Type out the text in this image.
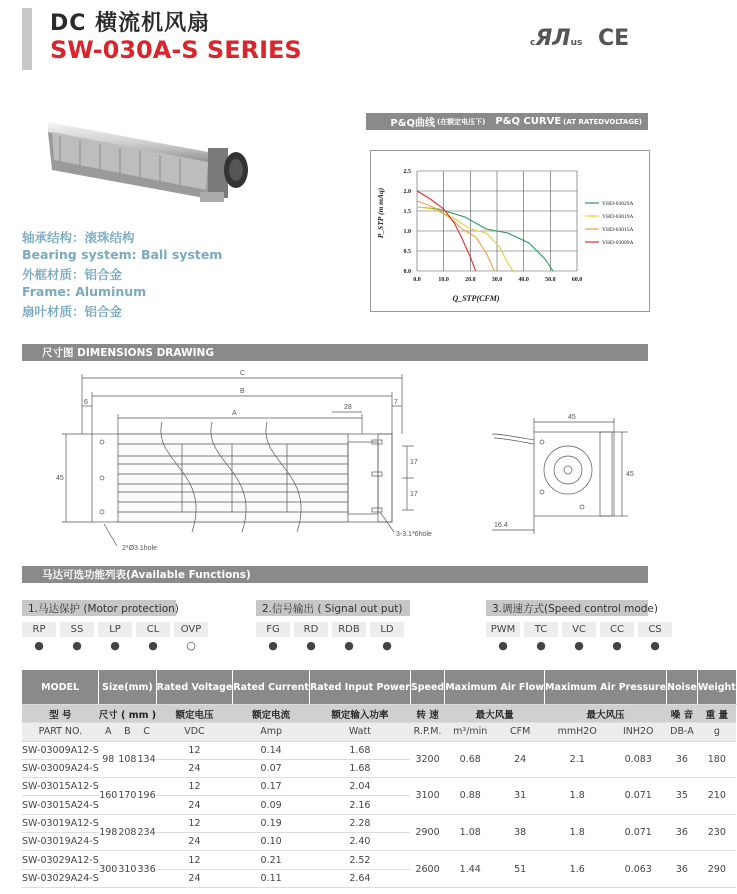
DC 横流机风扇
SW-030A-S SERIES	cЯЛus CE
轴承结构：滚珠结构
Bearing system: Ball system
外框材质：铝合金
Frame: Aluminum
扇叶材质：铝合金
P&Q曲线 (在额定电压下) P&Q CURVE (AT RATEDVOLTAGE)
0.0	10.0	20.0	30.0	40.0	50.0	60.0
0.0
0.5
1.0
1.5
2.0
2.5
YHD-03029A
YHD-03019A
YHD-03015A
YHD-03009A
Q_STP(CFM)
P_STP (m mAq)
尺寸图 DIMENSIONS DRAWING
C
B
A
6
28
7
45
17
17
2*Ø3.1hole
3-3.1*6hole
45
45
16.4
马达可选功能列表(Available Functions)
1.马达保护 (Motor protection)
RP
●
SS
●
LP
●
CL
●
OVP
○
2.信号输出 ( Signal out put)
FG
●
RD
●
RDB
●
LD
●
3.调速方式(Speed control mode)
PWM
●
TC
●
VC
●
CC
●
CS
●
MODEL	Size(mm)			Rated Voltage	Rated Current	Rated Input Power	Speed	Maximum Air Flow		Maximum Air Pressure		Noise	Weight
型 号	尺寸 ( mm )			额定电压	额定电流	额定输入功率	转 速	最大风量		最大风压		噪 音	重 量
PART NO.	A	B	C	VDC	Amp	Watt	R.P.M.	m³/min	CFM	mmH2O	INH2O	DB-A	g
SW-03009A12-S	98	108	134	12	0.14	1.68	3200	0.68	24	2.1	0.083	36	180
SW-03009A24-S				24	0.07	1.68							
SW-03015A12-S	160	170	196	12	0.17	2.04	3100	0.88	31	1.8	0.071	35	210
SW-03015A24-S				24	0.09	2.16							
SW-03019A12-S	198	208	234	12	0.19	2.28	2900	1.08	38	1.8	0.071	36	230
SW-03019A24-S				24	0.10	2.40							
SW-03029A12-S	300	310	336	12	0.21	2.52	2600	1.44	51	1.6	0.063	36	290
SW-03029A24-S				24	0.11	2.64							
